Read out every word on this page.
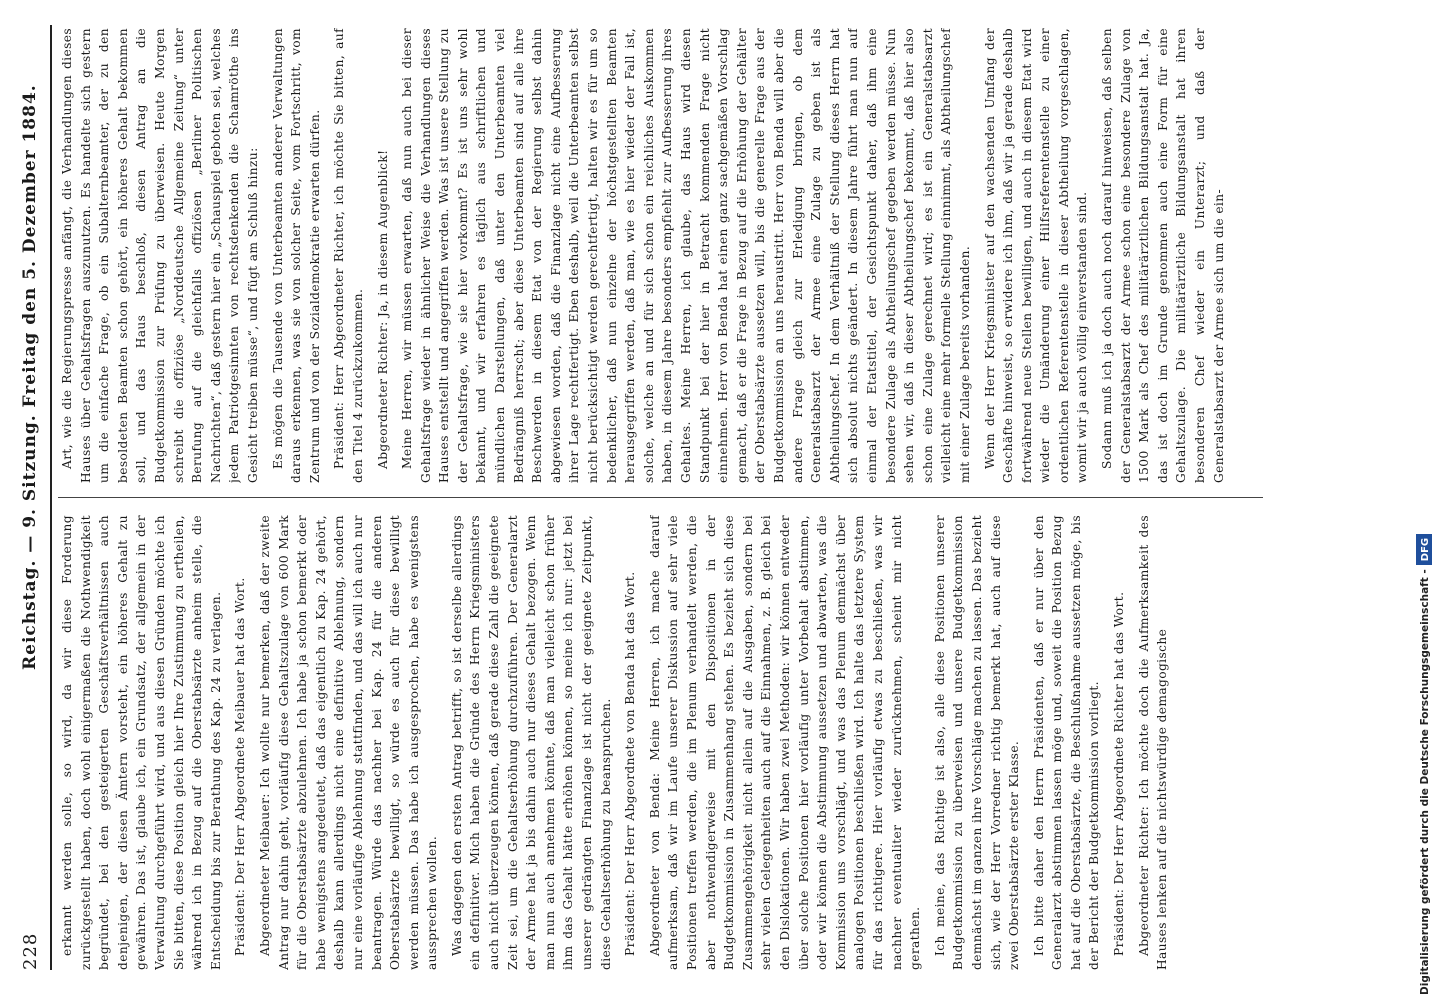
228
Reichstag. — 9. Sitzung. Freitag den 5. Dezember 1884.

erkannt werden solle, so wird, da wir diese Forderung zurückgestellt haben, doch wohl einigermaßen die Nothwendigkeit begründet, bei den gesteigerten Geschäftsverhältnissen auch denjenigen, der diesen Ämtern vorsteht, ein höheres Gehalt zu gewähren. Das ist, glaube ich, ein Grundsatz, der allgemein in der Verwaltung durchgeführt wird, und aus diesen Gründen möchte ich Sie bitten, diese Position gleich hier Ihre Zustimmung zu ertheilen, während ich in Bezug auf die Oberstabsärzte anheim stelle, die Entscheidung bis zur Berathung des Kap. 24 zu verlagen. Präsident: Der Herr Abgeordnete Meibauer hat das Wort. Abgeordneter Meibauer: Ich wollte nur bemerken, daß der zweite Antrag nur dahin geht, vorläufig diese Gehaltszulage von 600 Mark für die Oberstabsärzte abzulehnen. Ich habe ja schon bemerkt oder habe wenigstens angedeutet, daß das eigentlich zu Kap. 24 gehört, deshalb kann allerdings nicht eine definitive Ablehnung, sondern nur eine vorläufige Ablehnung stattfinden, und das will ich auch nur beantragen. Würde das nachher bei Kap. 24 für die anderen Oberstabsärzte bewilligt, so würde es auch für diese bewilligt werden müssen. Das habe ich ausgesprochen, habe es wenigstens aussprechen wollen. Was dagegen den ersten Antrag betrifft, so ist derselbe allerdings ein definitiver. Mich haben die Gründe des Herrn Kriegsministers auch nicht überzeugen können, daß gerade diese Zahl die geeignete Zeit sei, um die Gehaltserhöhung durchzuführen. Der Generalarzt der Armee hat ja bis dahin auch nur dieses Gehalt bezogen. Wenn man nun auch annehmen könnte, daß man vielleicht schon früher ihm das Gehalt hätte erhöhen können, so meine ich nur: jetzt bei unserer gedrängten Finanzlage ist nicht der geeignete Zeitpunkt, diese Gehaltserhöhung zu beanspruchen. Präsident: Der Herr Abgeordnete von Benda hat das Wort. Abgeordneter von Benda: Meine Herren, ich mache darauf aufmerksam, daß wir im Laufe unserer Diskussion auf sehr viele Positionen treffen werden, die im Plenum verhandelt werden, die aber nothwendigerweise mit den Dispositionen in der Budgetkommission in Zusammenhang stehen. Es bezieht sich diese Zusammengehörigkeit nicht allein auf die Ausgaben, sondern bei sehr vielen Gelegenheiten auch auf die Einnahmen, z. B. gleich bei den Dislokationen. Wir haben zwei Methoden: wir können entweder über solche Positionen hier vorläufig unter Vorbehalt abstimmen, oder wir können die Abstimmung aussetzen und abwarten, was die Kommission uns vorschlägt, und was das Plenum demnächst über analogen Positionen beschließen wird. Ich halte das letztere System für das richtigere. Hier vorläufig etwas zu beschließen, was wir nachher eventualiter wieder zurücknehmen, scheint mir nicht gerathen. Ich meine, das Richtige ist also, alle diese Positionen unserer Budgetkommission zu überweisen und unsere Budgetkommission demnächst im ganzen ihre Vorschläge machen zu lassen. Das bezieht sich, wie der Herr Vorredner richtig bemerkt hat, auch auf diese zwei Oberstabsärzte erster Klasse. Ich bitte daher den Herrn Präsidenten, daß er nur über den Generalarzt abstimmen lassen möge und, soweit die Position Bezug hat auf die Oberstabsärzte, die Beschlußnahme aussetzen möge, bis der Bericht der Budgetkommission vorliegt. Präsident: Der Herr Abgeordnete Richter hat das Wort. Abgeordneter Richter: Ich möchte doch die Aufmerksamkeit des Hauses lenken auf die nichtswürdige demagogische

Art, wie die Regierungspresse anfängt, die Verhandlungen dieses Hauses über Gehaltsfragen auszunutzen. Es handelte sich gestern um die einfache Frage, ob ein Subalternbeamter, der zu den besoldeten Beamten schon gehört, ein höheres Gehalt bekommen soll, und das Haus beschloß, diesen Antrag an die Budgetkommission zur Prüfung zu überweisen. Heute Morgen schreibt die offiziöse „Norddeutsche Allgemeine Zeitung“ unter Berufung auf die gleichfalls offiziösen „Berliner Politischen Nachrichten“, daß gestern hier ein „Schauspiel geboten sei, welches jedem Patriotgesinnten von rechtsdenkenden die Schamröthe ins Gesicht treiben müsse“, und fügt am Schluß hinzu: Es mögen die Tausende von Unterbeamten anderer Verwaltungen daraus erkennen, was sie von solcher Seite, vom Fortschritt, vom Zentrum und von der Sozialdemokratie erwarten dürfen. Präsident: Herr Abgeordneter Richter, ich möchte Sie bitten, auf den Titel 4 zurückzukommen. Abgeordneter Richter: Ja, in diesem Augenblick! Meine Herren, wir müssen erwarten, daß nun auch bei dieser Gehaltsfrage wieder in ähnlicher Weise die Verhandlungen dieses Hauses entstellt und angegriffen werden. Was ist unsere Stellung zu der Gehaltsfrage, wie sie hier vorkommt? Es ist uns sehr wohl bekannt, und wir erfahren es täglich aus schriftlichen und mündlichen Darstellungen, daß unter den Unterbeamten viel Bedrängniß herrscht; aber diese Unterbeamten sind auf alle ihre Beschwerden in diesem Etat von der Regierung selbst dahin abgewiesen worden, daß die Finanzlage nicht eine Aufbesserung ihrer Lage rechtfertigt. Eben deshalb, weil die Unterbeamten selbst nicht berücksichtigt werden gerechtfertigt, halten wir es für um so bedenklicher, daß nun einzelne der höchstgestellten Beamten herausgegriffen werden, daß man, wie es hier wieder der Fall ist, solche, welche an und für sich schon ein reichliches Auskommen haben, in diesem Jahre besonders empfiehlt zur Aufbesserung ihres Gehaltes. Meine Herren, ich glaube, das Haus wird diesen Standpunkt bei der hier in Betracht kommenden Frage nicht einnehmen. Herr von Benda hat einen ganz sachgemäßen Vorschlag gemacht, daß er die Frage in Bezug auf die Erhöhung der Gehälter der Oberstabsärzte aussetzen will, bis die generelle Frage aus der Budgetkommission an uns heraustritt. Herr von Benda will aber die andere Frage gleich zur Erledigung bringen, ob dem Generalstabsarzt der Armee eine Zulage zu geben ist als Abtheilungschef. In dem Verhältniß der Stellung dieses Herrn hat sich absolut nichts geändert. In diesem Jahre führt man nun auf einmal der Etatstitel, der Gesichtspunkt daher, daß ihm eine besondere Zulage als Abtheilungschef gegeben werden müsse. Nun sehen wir, daß in dieser Abtheilungschef bekommt, daß hier also schon eine Zulage gerechnet wird; es ist ein Generalstabsarzt vielleicht eine mehr formelle Stellung einnimmt, als Abtheilungschef mit einer Zulage bereits vorhanden. Wenn der Herr Kriegsminister auf den wachsenden Umfang der Geschäfte hinweist, so erwidere ich ihm, daß wir ja gerade deshalb fortwährend neue Stellen bewilligen, und auch in diesem Etat wird wieder die Umänderung einer Hilfsreferentenstelle zu einer ordentlichen Referentenstelle in dieser Abtheilung vorgeschlagen, womit wir ja auch völlig einverstanden sind. Sodann muß ich ja doch auch noch darauf hinweisen, daß selben der Generalstabsarzt der Armee schon eine besondere Zulage von 1500 Mark als Chef des militärärztlichen Bildungsanstalt hat. Ja, das ist doch im Grunde genommen auch eine Form für eine Gehaltszulage. Die militärärztliche Bildungsanstalt hat ihren besonderen Chef wieder ein Unterarzt; und daß der Generalstabsarzt der Armee sich um die ein-

Digitalisierung gefördert durch die Deutsche Forschungsgemeinschaft -DFG
